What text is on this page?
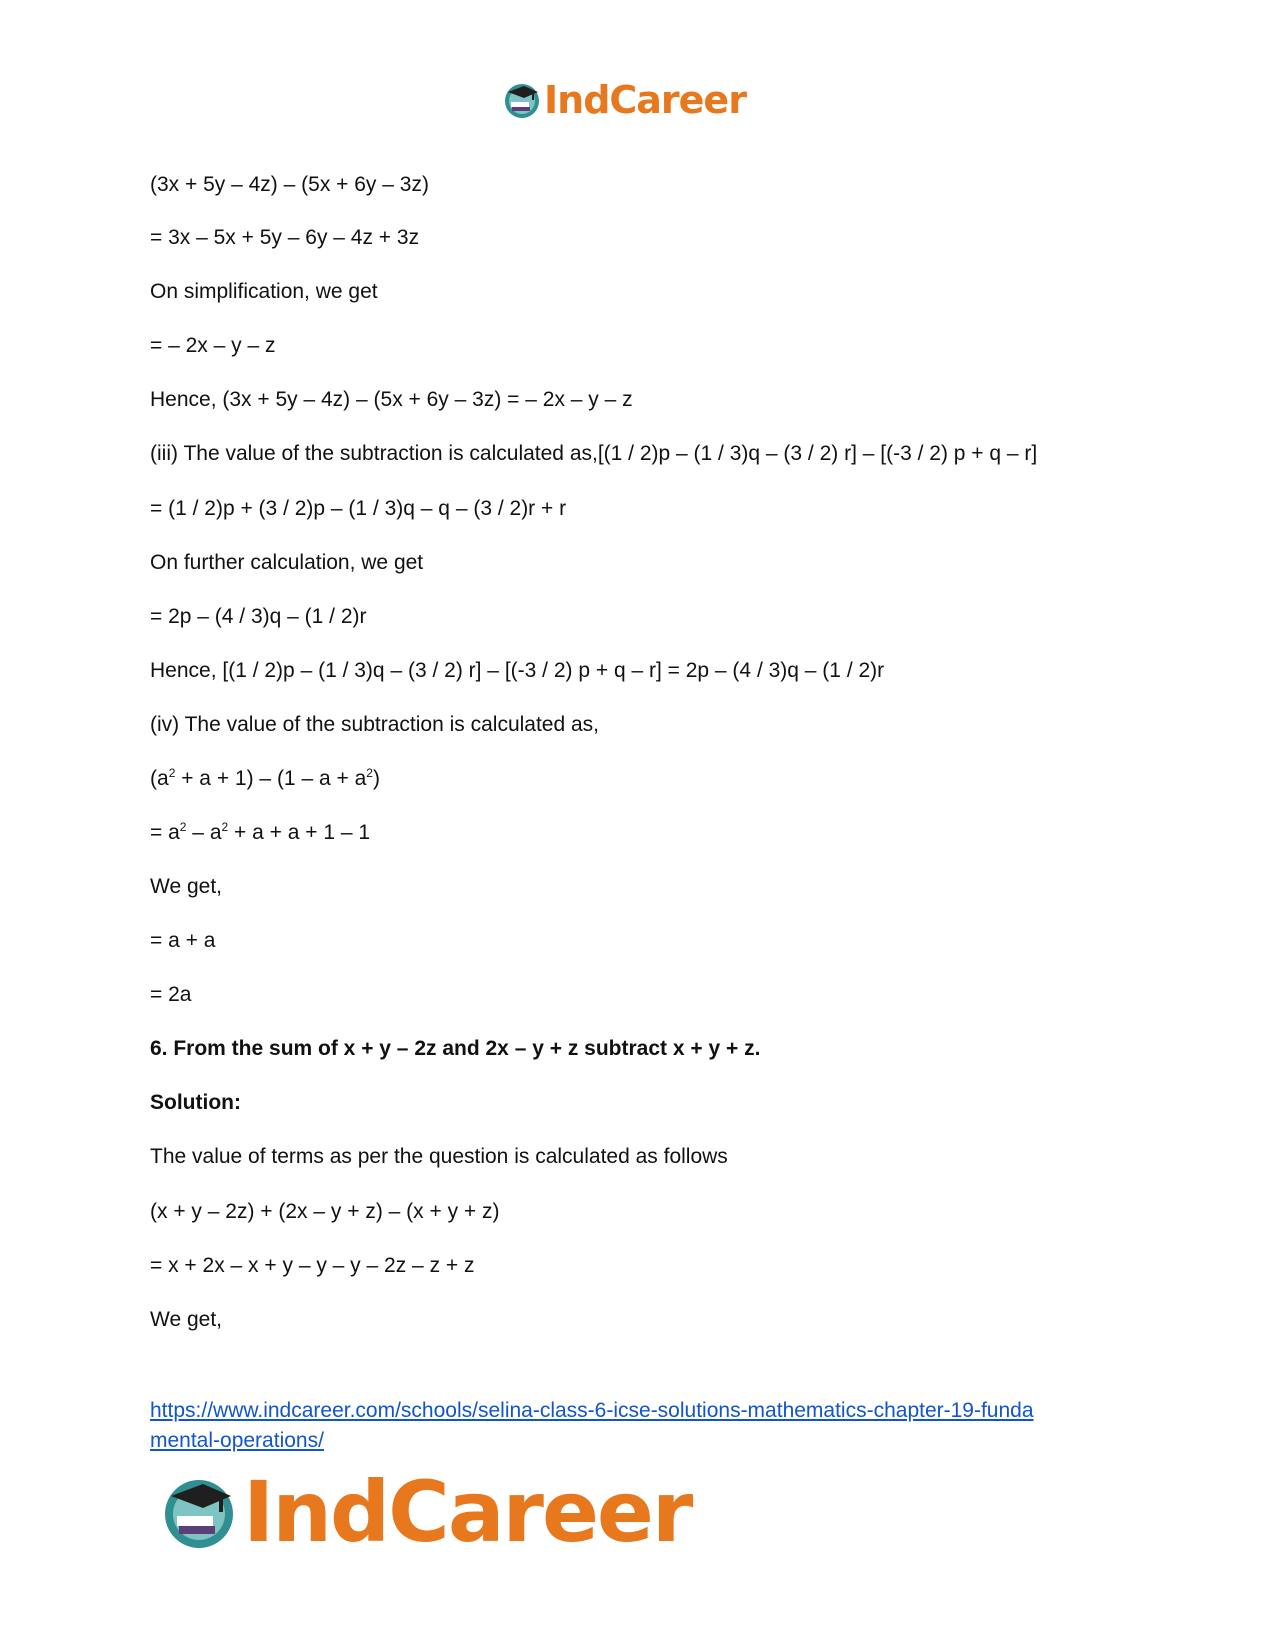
IndCareer
(3x + 5y – 4z) – (5x + 6y – 3z)
= 3x – 5x + 5y – 6y – 4z + 3z
On simplification, we get
= – 2x – y – z
Hence, (3x + 5y – 4z) – (5x + 6y – 3z) = – 2x – y – z
(iii) The value of the subtraction is calculated as,[(1 / 2)p – (1 / 3)q – (3 / 2) r] – [(-3 / 2) p + q – r]
= (1 / 2)p + (3 / 2)p – (1 / 3)q – q – (3 / 2)r + r
On further calculation, we get
= 2p – (4 / 3)q – (1 / 2)r
Hence, [(1 / 2)p – (1 / 3)q – (3 / 2) r] – [(-3 / 2) p + q – r] = 2p – (4 / 3)q – (1 / 2)r
(iv) The value of the subtraction is calculated as,
$(a^2 + a + 1) - (1 - a + a^2)$
= $a^2 - a^2 + a + a + 1 - 1$
We get,
= a + a
= 2a
6. From the sum of x + y – 2z and 2x – y + z subtract x + y + z.
Solution:
The value of terms as per the question is calculated as follows
(x + y – 2z) + (2x – y + z) – (x + y + z)
= x + 2x – x + y – y – y – 2z – z + z
We get,
https://www.indcareer.com/schools/selina-class-6-icse-solutions-mathematics-chapter-19-funda
mental-operations/
IndCareer
